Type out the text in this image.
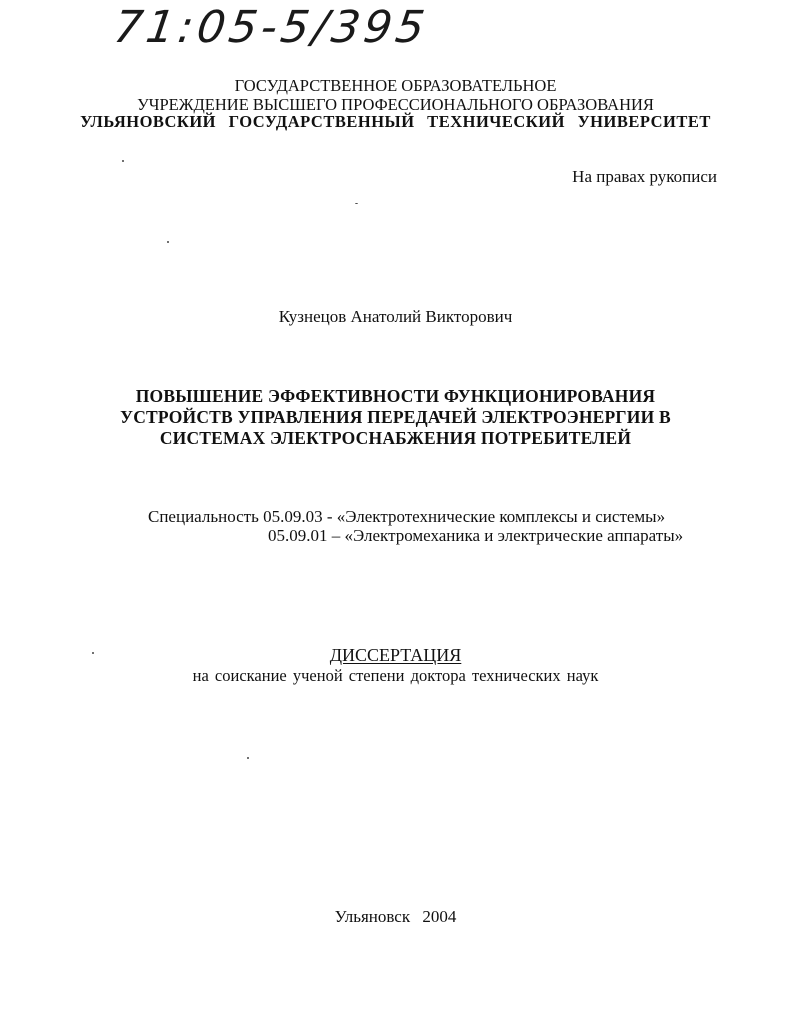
71:05-5/395
ГОСУДАРСТВЕННОЕ ОБРАЗОВАТЕЛЬНОЕ
УЧРЕЖДЕНИЕ ВЫСШЕГО ПРОФЕССИОНАЛЬНОГО ОБРАЗОВАНИЯ
УЛЬЯНОВСКИЙ ГОСУДАРСТВЕННЫЙ ТЕХНИЧЕСКИЙ УНИВЕРСИТЕТ
На правах рукописи
Кузнецов Анатолий Викторович
ПОВЫШЕНИЕ ЭФФЕКТИВНОСТИ ФУНКЦИОНИРОВАНИЯ
УСТРОЙСТВ УПРАВЛЕНИЯ ПЕРЕДАЧЕЙ ЭЛЕКТРОЭНЕРГИИ В
СИСТЕМАХ ЭЛЕКТРОСНАБЖЕНИЯ ПОТРЕБИТЕЛЕЙ
Специальность 05.09.03 - «Электротехнические комплексы и системы»
05.09.01 – «Электромеханика и электрические аппараты»
ДИССЕРТАЦИЯ
на соискание ученой степени доктора технических наук
Ульяновск 2004
